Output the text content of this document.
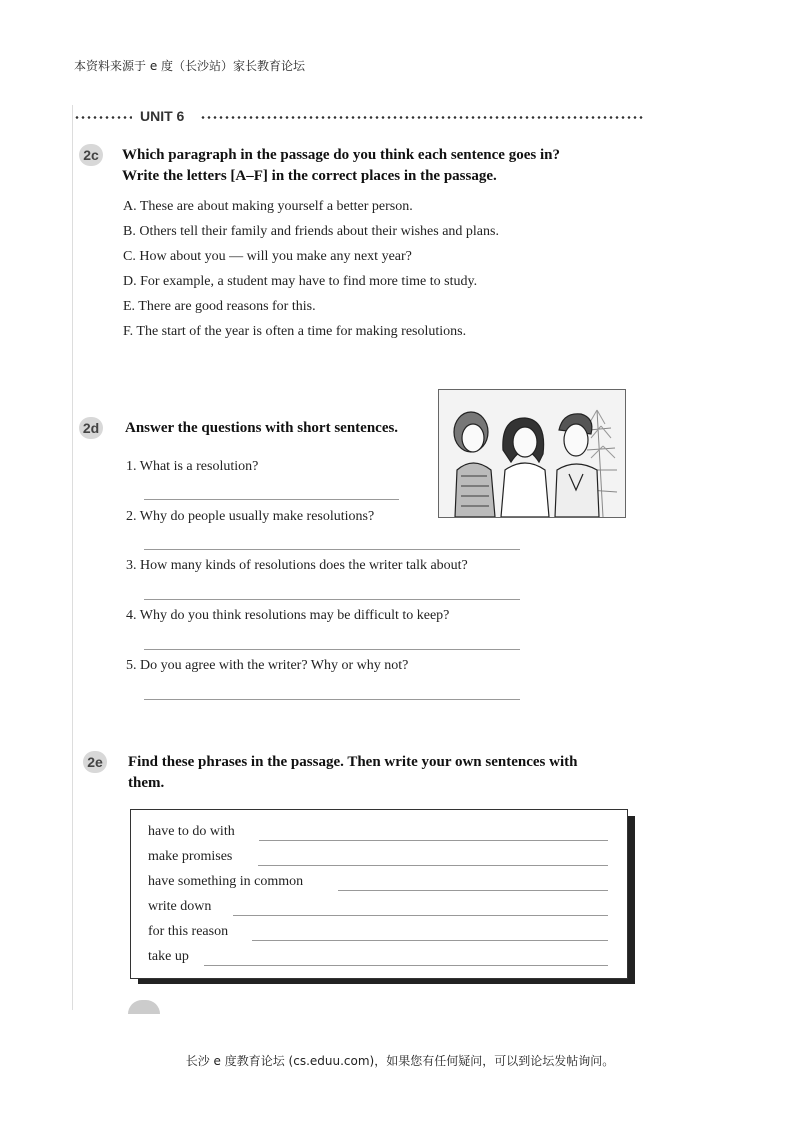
本资料来源于 e 度（长沙站）家长教育论坛
UNIT 6
2c Which paragraph in the passage do you think each sentence goes in?
Write the letters [A–F] in the correct places in the passage.
A. These are about making yourself a better person.
B. Others tell their family and friends about their wishes and plans.
C. How about you — will you make any next year?
D. For example, a student may have to find more time to study.
E. There are good reasons for this.
F. The start of the year is often a time for making resolutions.
2d Answer the questions with short sentences.
1. What is a resolution?
2. Why do people usually make resolutions?
3. How many kinds of resolutions does the writer talk about?
4. Why do you think resolutions may be difficult to keep?
5. Do you agree with the writer? Why or why not?
2e Find these phrases in the passage. Then write your own sentences with
them.
have to do with
make promises
have something in common
write down
for this reason
take up
长沙 e 度教育论坛 (cs.eduu.com)，如果您有任何疑问，可以到论坛发帖询问。
